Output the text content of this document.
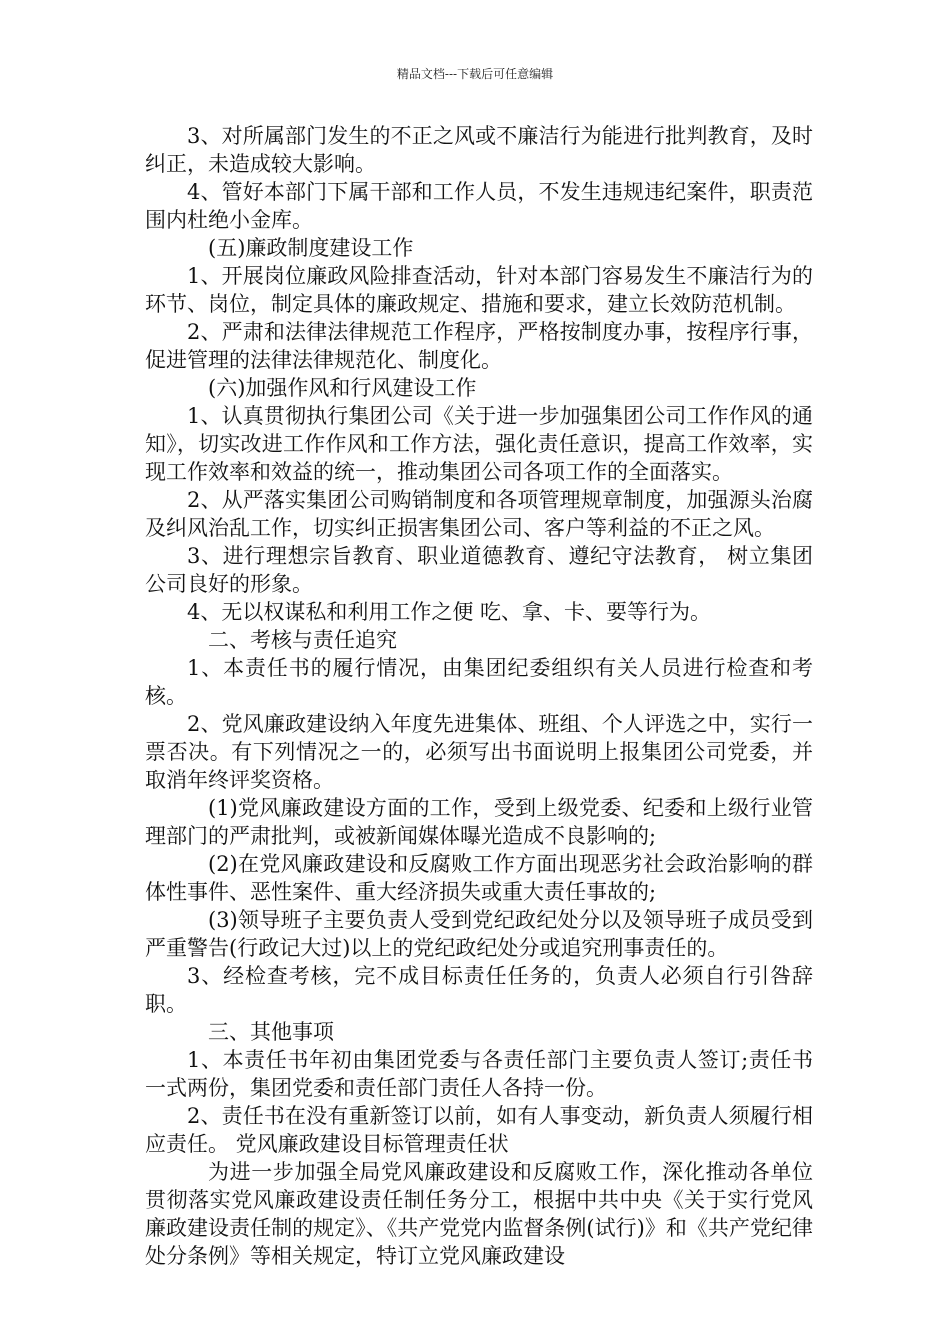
精品文档---下载后可任意编辑

3、对所属部门发生的不正之风或不廉洁行为能进行批判教育，及时纠正，未造成较大影响。

4、管好本部门下属干部和工作人员，不发生违规违纪案件，职责范围内杜绝小金库。

(五)廉政制度建设工作

1、开展岗位廉政风险排查活动，针对本部门容易发生不廉洁行为的环节、岗位，制定具体的廉政规定、措施和要求，建立长效防范机制。

2、严肃和法律法律规范工作程序，严格按制度办事，按程序行事，促进管理的法律法律规范化、制度化。

(六)加强作风和行风建设工作

1、认真贯彻执行集团公司《关于进一步加强集团公司工作作风的通知》，切实改进工作作风和工作方法，强化责任意识，提高工作效率，实现工作效率和效益的统一，推动集团公司各项工作的全面落实。

2、从严落实集团公司购销制度和各项管理规章制度，加强源头治腐及纠风治乱工作，切实纠正损害集团公司、客户等利益的不正之风。

3、进行理想宗旨教育、职业道德教育、遵纪守法教育， 树立集团公司良好的形象。

4、无以权谋私和利用工作之便 吃、拿、卡、要等行为。

二、考核与责任追究

1、本责任书的履行情况，由集团纪委组织有关人员进行检查和考核。

2、党风廉政建设纳入年度先进集体、班组、个人评选之中，实行一票否决。有下列情况之一的，必须写出书面说明上报集团公司党委，并取消年终评奖资格。

(1)党风廉政建设方面的工作，受到上级党委、纪委和上级行业管理部门的严肃批判，或被新闻媒体曝光造成不良影响的;

(2)在党风廉政建设和反腐败工作方面出现恶劣社会政治影响的群体性事件、恶性案件、重大经济损失或重大责任事故的;

(3)领导班子主要负责人受到党纪政纪处分以及领导班子成员受到严重警告(行政记大过)以上的党纪政纪处分或追究刑事责任的。

3、经检查考核，完不成目标责任任务的，负责人必须自行引咎辞职。

三、其他事项

1、本责任书年初由集团党委与各责任部门主要负责人签订;责任书一式两份，集团党委和责任部门责任人各持一份。

2、责任书在没有重新签订以前，如有人事变动，新负责人须履行相应责任。 党风廉政建设目标管理责任状

为进一步加强全局党风廉政建设和反腐败工作，深化推动各单位贯彻落实党风廉政建设责任制任务分工，根据中共中央《关于实行党风廉政建设责任制的规定》、《共产党党内监督条例(试行)》和《共产党纪律处分条例》等相关规定，特订立党风廉政建设
